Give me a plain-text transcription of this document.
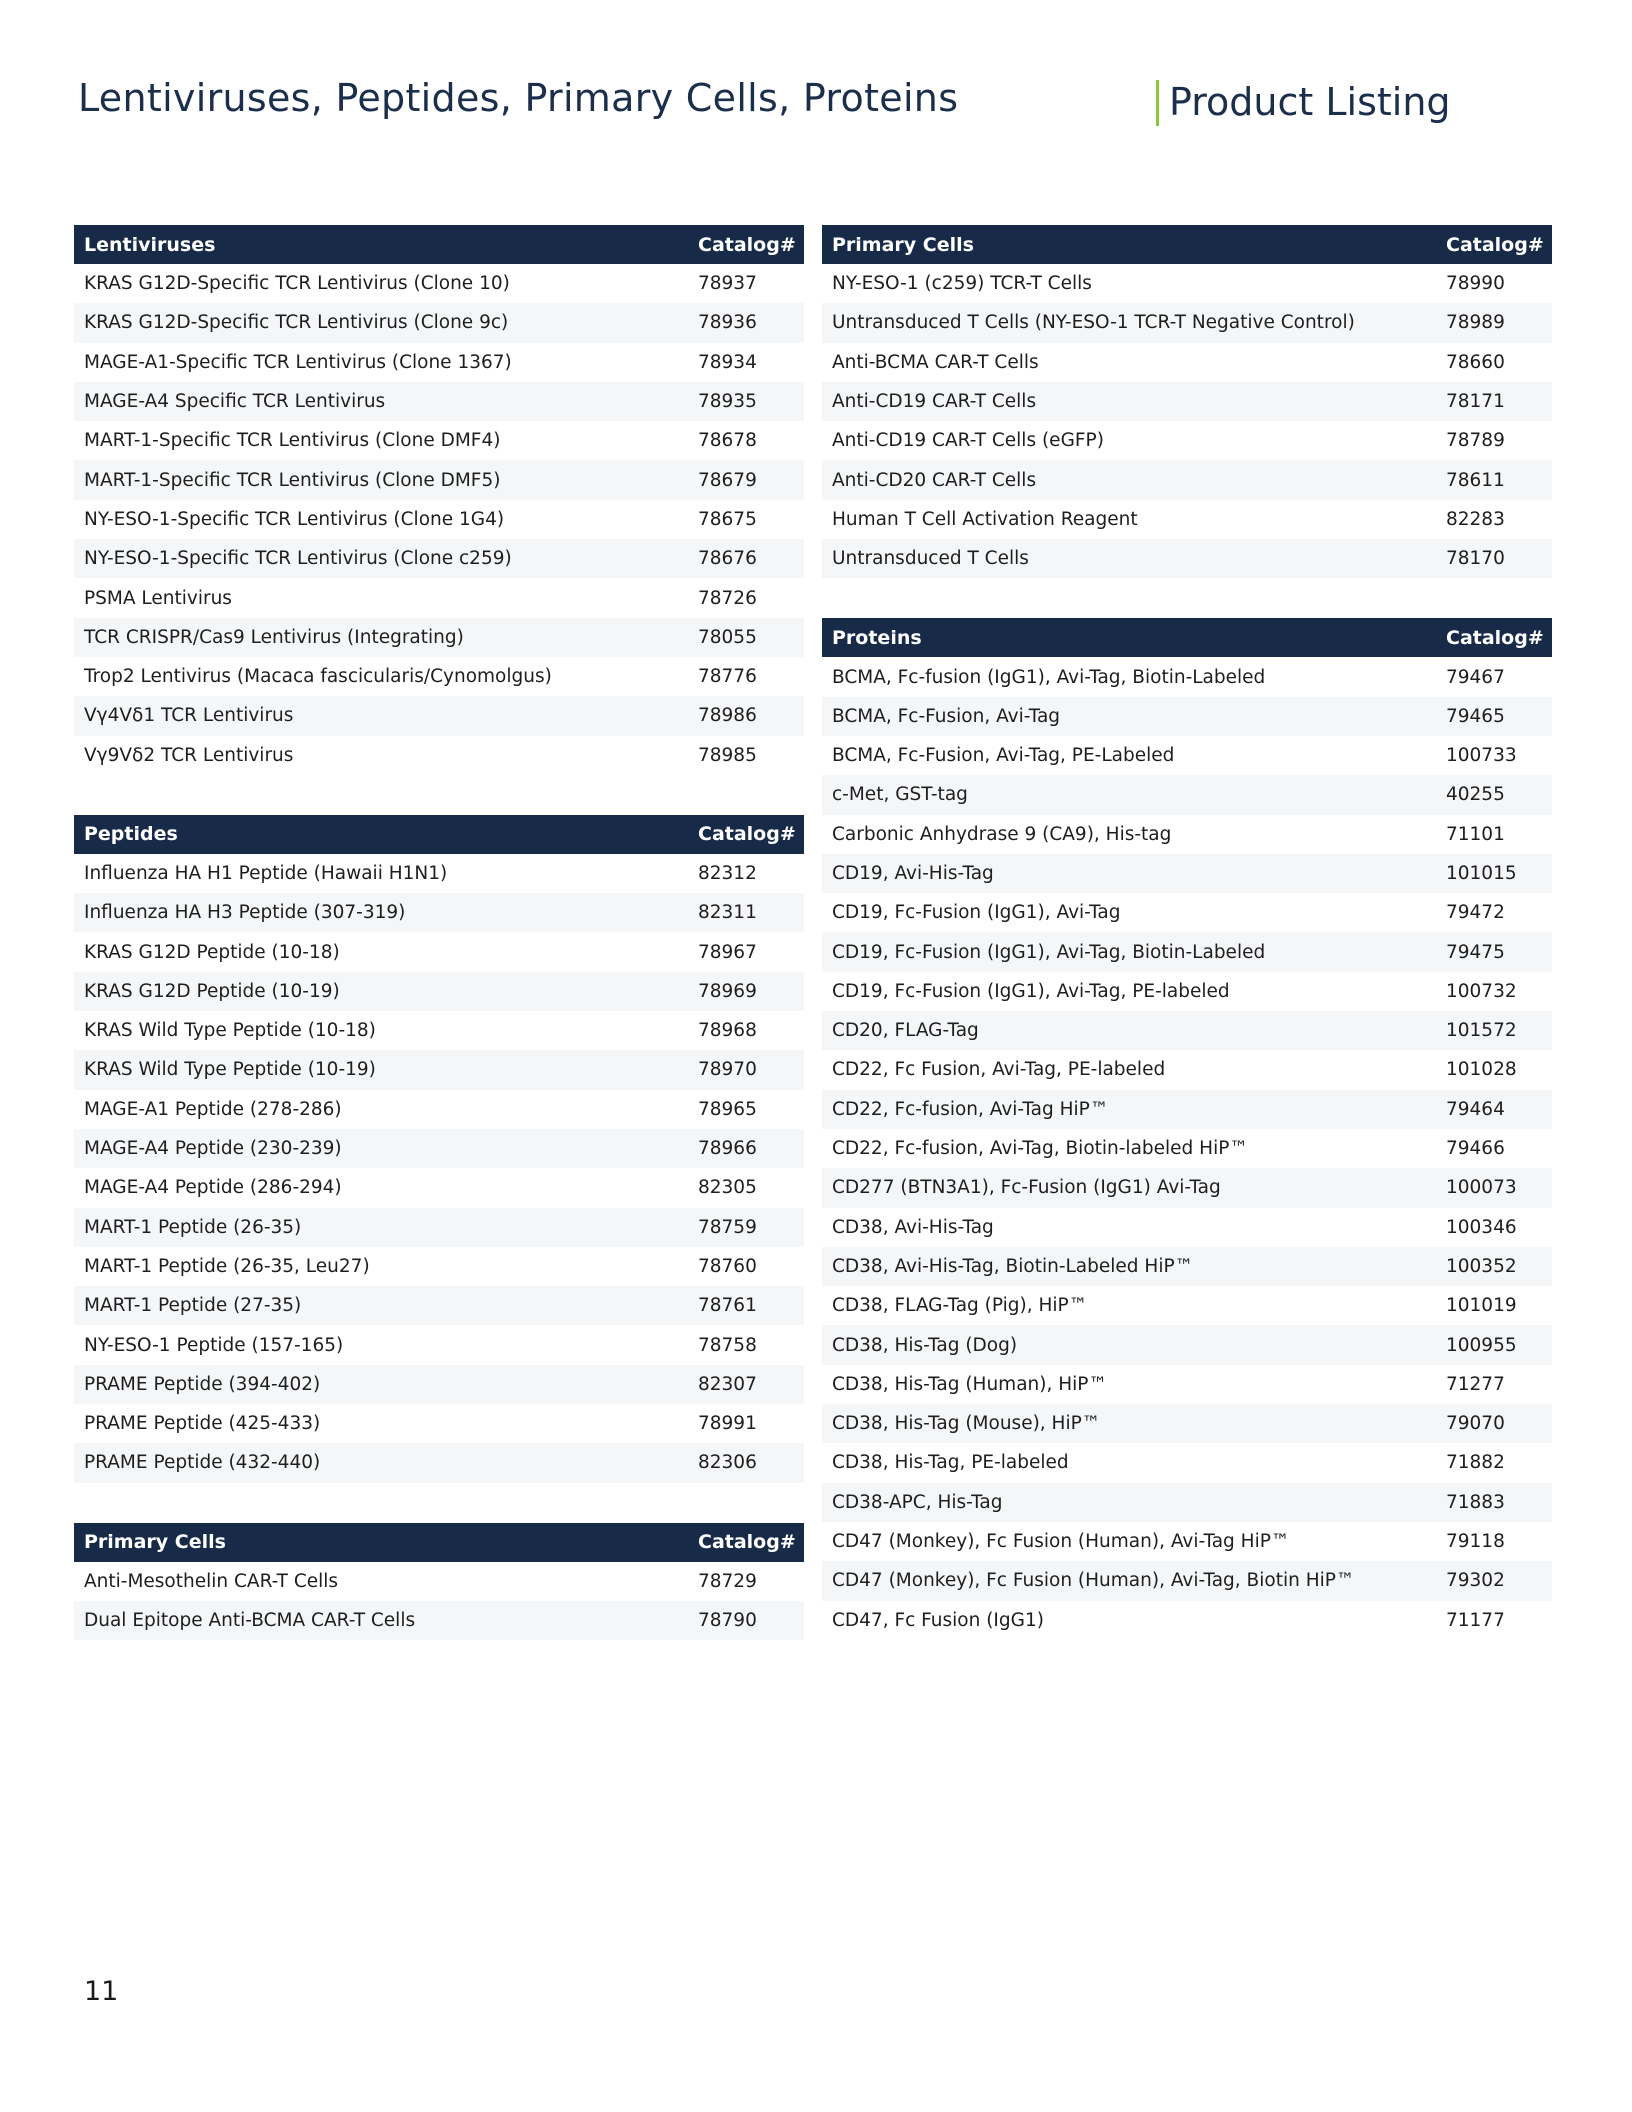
Lentiviruses, Peptides, Primary Cells, Proteins	Product Listing
Lentiviruses	Catalog#
KRAS G12D-Specific TCR Lentivirus (Clone 10)	78937
KRAS G12D-Specific TCR Lentivirus (Clone 9c)	78936
MAGE-A1-Specific TCR Lentivirus (Clone 1367)	78934
MAGE-A4 Specific TCR Lentivirus	78935
MART-1-Specific TCR Lentivirus (Clone DMF4)	78678
MART-1-Specific TCR Lentivirus (Clone DMF5)	78679
NY-ESO-1-Specific TCR Lentivirus (Clone 1G4)	78675
NY-ESO-1-Specific TCR Lentivirus (Clone c259)	78676
PSMA Lentivirus	78726
TCR CRISPR/Cas9 Lentivirus (Integrating)	78055
Trop2 Lentivirus (Macaca fascicularis/Cynomolgus)	78776
Vγ4Vδ1 TCR Lentivirus	78986
Vγ9Vδ2 TCR Lentivirus	78985
Peptides	Catalog#
Influenza HA H1 Peptide (Hawaii H1N1)	82312
Influenza HA H3 Peptide (307-319)	82311
KRAS G12D Peptide (10-18)	78967
KRAS G12D Peptide (10-19)	78969
KRAS Wild Type Peptide (10-18)	78968
KRAS Wild Type Peptide (10-19)	78970
MAGE-A1 Peptide (278-286)	78965
MAGE-A4 Peptide (230-239)	78966
MAGE-A4 Peptide (286-294)	82305
MART-1 Peptide (26-35)	78759
MART-1 Peptide (26-35, Leu27)	78760
MART-1 Peptide (27-35)	78761
NY-ESO-1 Peptide (157-165)	78758
PRAME Peptide (394-402)	82307
PRAME Peptide (425-433)	78991
PRAME Peptide (432-440)	82306
Primary Cells	Catalog#
Anti-Mesothelin CAR-T Cells	78729
Dual Epitope Anti-BCMA CAR-T Cells	78790
Primary Cells	Catalog#
NY-ESO-1 (c259) TCR-T Cells	78990
Untransduced T Cells (NY-ESO-1 TCR-T Negative Control)	78989
Anti-BCMA CAR-T Cells	78660
Anti-CD19 CAR-T Cells	78171
Anti-CD19 CAR-T Cells (eGFP)	78789
Anti-CD20 CAR-T Cells	78611
Human T Cell Activation Reagent	82283
Untransduced T Cells	78170
Proteins	Catalog#
BCMA, Fc-fusion (IgG1), Avi-Tag, Biotin-Labeled	79467
BCMA, Fc-Fusion, Avi-Tag	79465
BCMA, Fc-Fusion, Avi-Tag, PE-Labeled	100733
c-Met, GST-tag	40255
Carbonic Anhydrase 9 (CA9), His-tag	71101
CD19, Avi-His-Tag	101015
CD19, Fc-Fusion (IgG1), Avi-Tag	79472
CD19, Fc-Fusion (IgG1), Avi-Tag, Biotin-Labeled	79475
CD19, Fc-Fusion (IgG1), Avi-Tag, PE-labeled	100732
CD20, FLAG-Tag	101572
CD22, Fc Fusion, Avi-Tag, PE-labeled	101028
CD22, Fc-fusion, Avi-Tag HiP™	79464
CD22, Fc-fusion, Avi-Tag, Biotin-labeled HiP™	79466
CD277 (BTN3A1), Fc-Fusion (IgG1) Avi-Tag	100073
CD38, Avi-His-Tag	100346
CD38, Avi-His-Tag, Biotin-Labeled HiP™	100352
CD38, FLAG-Tag (Pig), HiP™	101019
CD38, His-Tag (Dog)	100955
CD38, His-Tag (Human), HiP™	71277
CD38, His-Tag (Mouse), HiP™	79070
CD38, His-Tag, PE-labeled	71882
CD38-APC, His-Tag	71883
CD47 (Monkey), Fc Fusion (Human), Avi-Tag HiP™	79118
CD47 (Monkey), Fc Fusion (Human), Avi-Tag, Biotin HiP™	79302
CD47, Fc Fusion (IgG1)	71177
11
